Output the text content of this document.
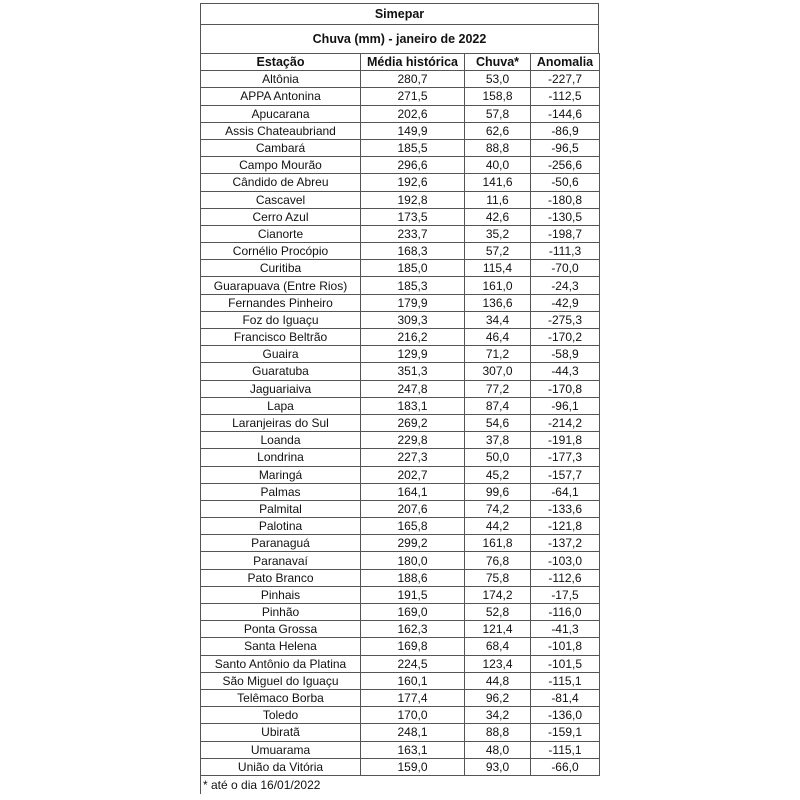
Simepar
Chuva (mm) - janeiro de 2022
Estação	Média histórica	Chuva*	Anomalia
Altônia	280,7	53,0	-227,7
APPA Antonina	271,5	158,8	-112,5
Apucarana	202,6	57,8	-144,6
Assis Chateaubriand	149,9	62,6	-86,9
Cambará	185,5	88,8	-96,5
Campo Mourão	296,6	40,0	-256,6
Cândido de Abreu	192,6	141,6	-50,6
Cascavel	192,8	11,6	-180,8
Cerro Azul	173,5	42,6	-130,5
Cianorte	233,7	35,2	-198,7
Cornélio Procópio	168,3	57,2	-111,3
Curitiba	185,0	115,4	-70,0
Guarapuava (Entre Rios)	185,3	161,0	-24,3
Fernandes Pinheiro	179,9	136,6	-42,9
Foz do Iguaçu	309,3	34,4	-275,3
Francisco Beltrão	216,2	46,4	-170,2
Guaira	129,9	71,2	-58,9
Guaratuba	351,3	307,0	-44,3
Jaguariaiva	247,8	77,2	-170,8
Lapa	183,1	87,4	-96,1
Laranjeiras do Sul	269,2	54,6	-214,2
Loanda	229,8	37,8	-191,8
Londrina	227,3	50,0	-177,3
Maringá	202,7	45,2	-157,7
Palmas	164,1	99,6	-64,1
Palmital	207,6	74,2	-133,6
Palotina	165,8	44,2	-121,8
Paranaguá	299,2	161,8	-137,2
Paranavaí	180,0	76,8	-103,0
Pato Branco	188,6	75,8	-112,6
Pinhais	191,5	174,2	-17,5
Pinhão	169,0	52,8	-116,0
Ponta Grossa	162,3	121,4	-41,3
Santa Helena	169,8	68,4	-101,8
Santo Antônio da Platina	224,5	123,4	-101,5
São Miguel do Iguaçu	160,1	44,8	-115,1
Telêmaco Borba	177,4	96,2	-81,4
Toledo	170,0	34,2	-136,0
Ubiratã	248,1	88,8	-159,1
Umuarama	163,1	48,0	-115,1
União da Vitória	159,0	93,0	-66,0
* até o dia 16/01/2022
